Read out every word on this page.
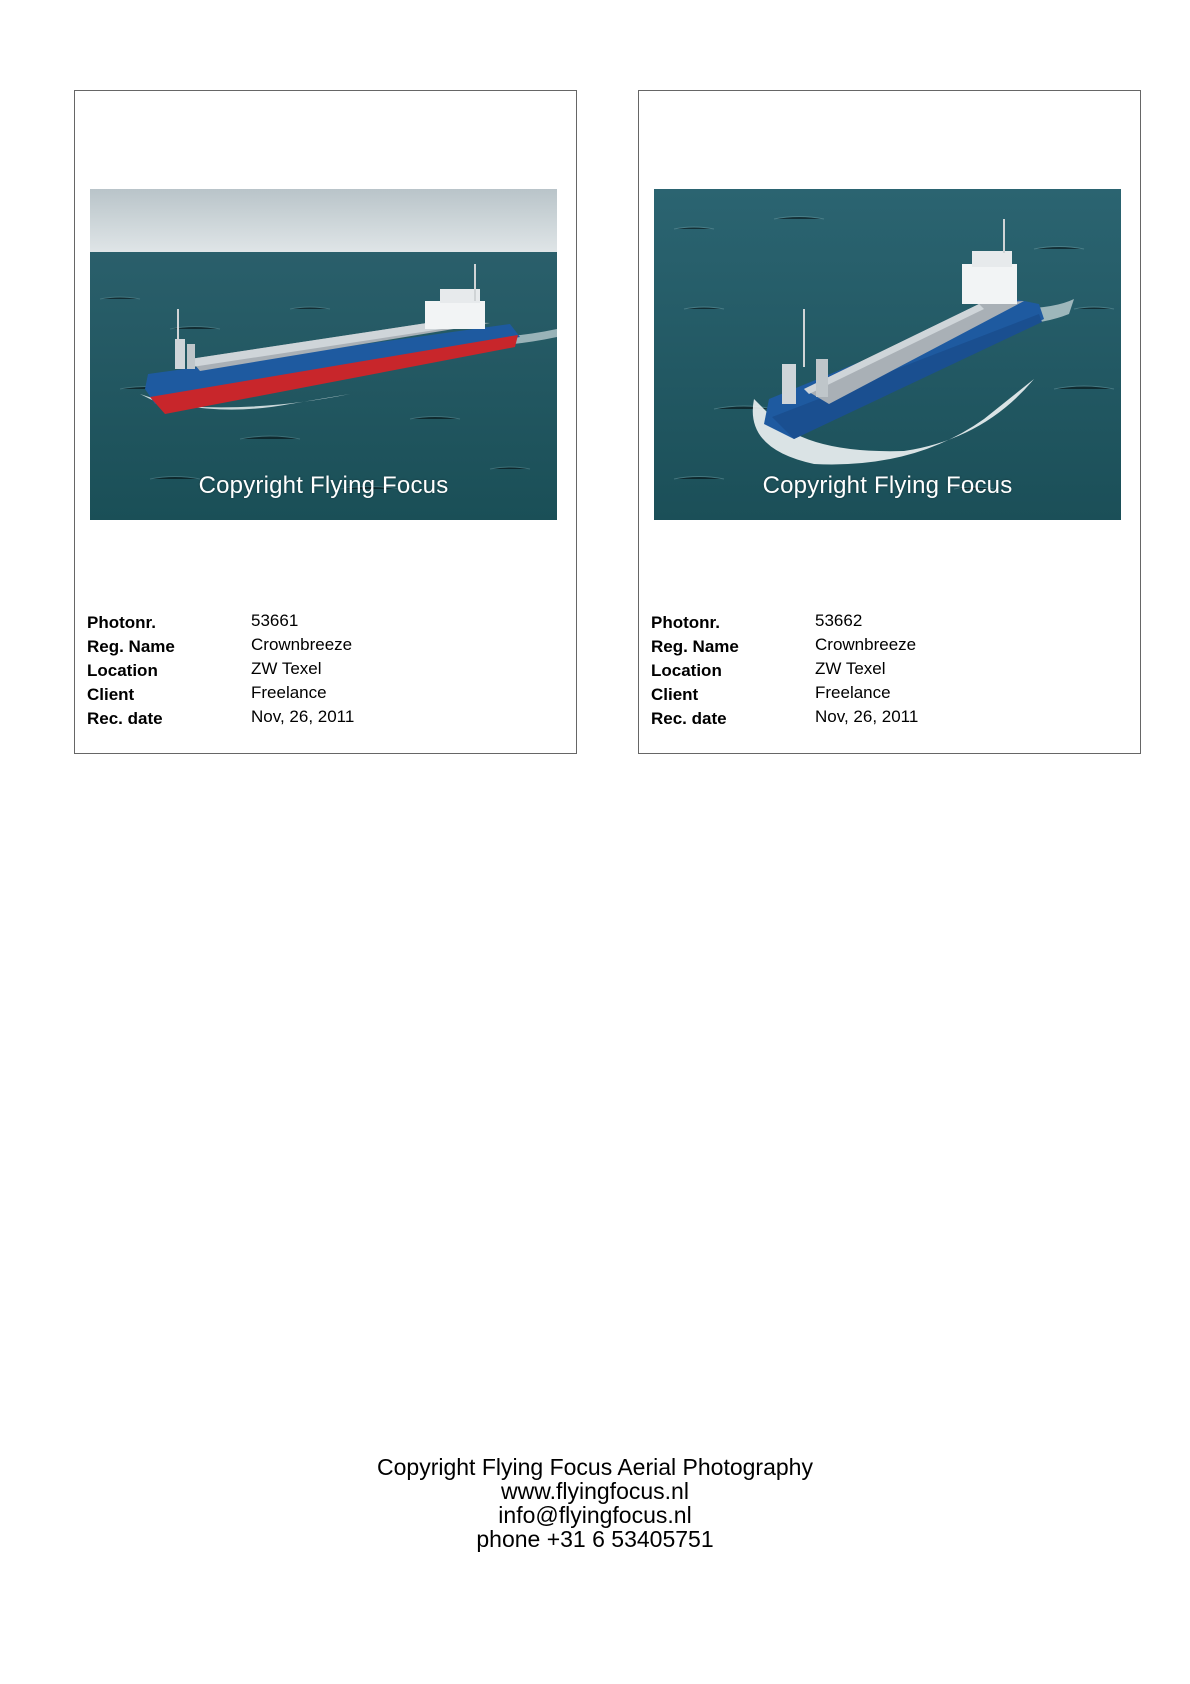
Copyright Flying Focus
Photonr.	53661
Reg. Name	Crownbreeze
Location	ZW Texel
Client	Freelance
Rec. date	Nov, 26, 2011
Copyright Flying Focus
Photonr.	53662
Reg. Name	Crownbreeze
Location	ZW Texel
Client	Freelance
Rec. date	Nov, 26, 2011
Copyright Flying Focus Aerial Photography
www.flyingfocus.nl
info@flyingfocus.nl
phone +31 6 53405751
